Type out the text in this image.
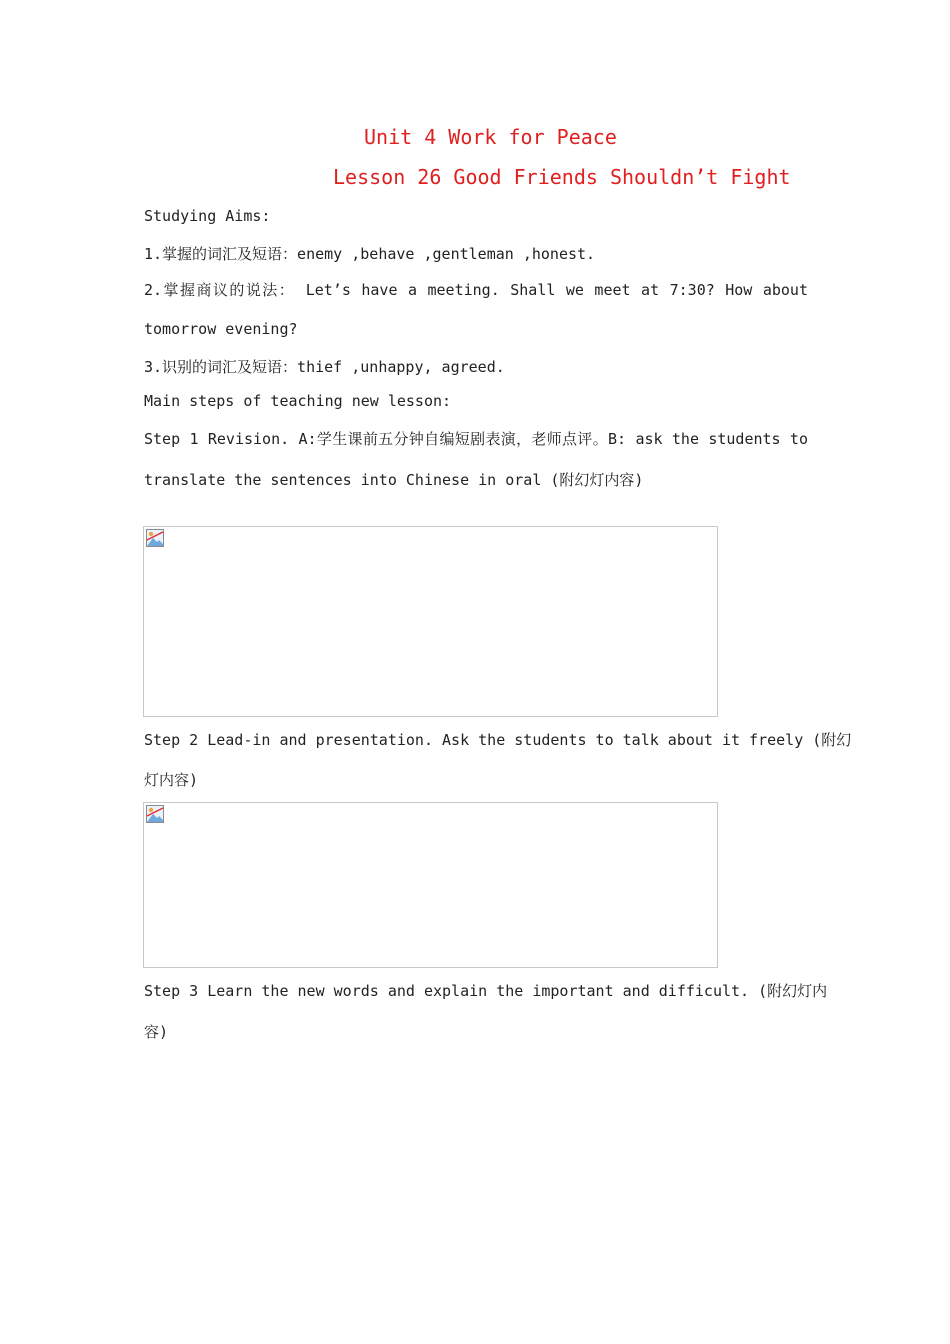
Unit 4 Work for Peace
Lesson 26 Good Friends Shouldn’t Fight
Studying Aims:
1.掌握的词汇及短语：enemy ,behave ,gentleman ,honest.
2.掌握商议的说法： Let’s have a meeting. Shall we meet at 7:30? How about
tomorrow evening?
3.识别的词汇及短语：thief ,unhappy, agreed.
Main steps of teaching new lesson:
Step 1 Revision. A:学生课前五分钟自编短剧表演，老师点评。B: ask the students to
translate the sentences into Chinese in oral (附幻灯内容)
Step 2 Lead-in and presentation. Ask the students to talk about it freely (附幻
灯内容)
Step 3 Learn the new words and explain the important and difficult. (附幻灯内
容)
